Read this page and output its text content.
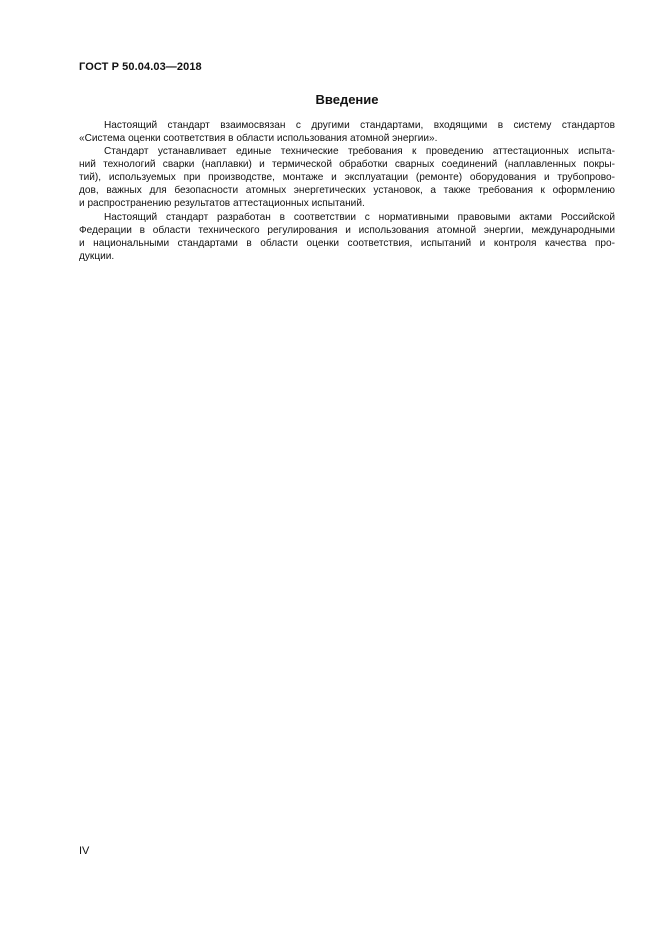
ГОСТ Р 50.04.03—2018
Введение
Настоящий стандарт взаимосвязан с другими стандартами, входящими в систему стандартов
«Система оценки соответствия в области использования атомной энергии».
Стандарт устанавливает единые технические требования к проведению аттестационных испыта-
ний технологий сварки (наплавки) и термической обработки сварных соединений (наплавленных покры-
тий), используемых при производстве, монтаже и эксплуатации (ремонте) оборудования и трубопрово-
дов, важных для безопасности атомных энергетических установок, а также требования к оформлению
и распространению результатов аттестационных испытаний.
Настоящий стандарт разработан в соответствии с нормативными правовыми актами Российской
Федерации в области технического регулирования и использования атомной энергии, международными
и национальными стандартами в области оценки соответствия, испытаний и контроля качества про-
дукции.
IV
